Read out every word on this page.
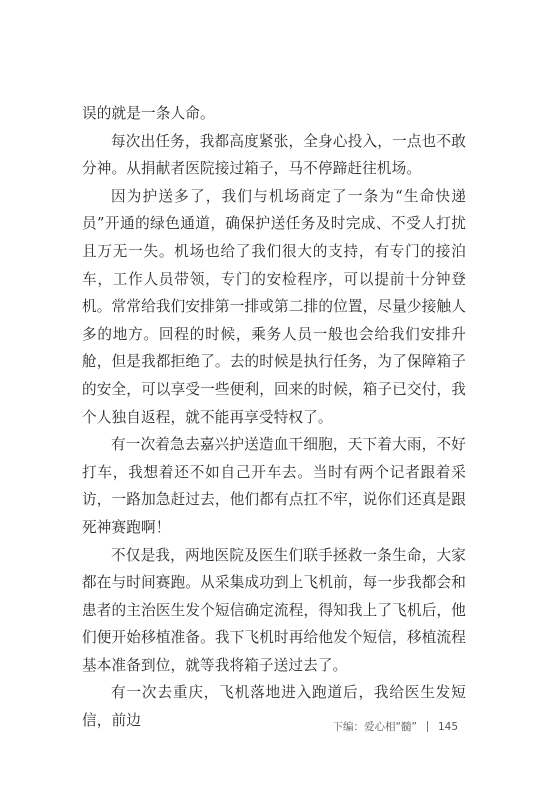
误的就是一条人命。

每次出任务，我都高度紧张，全身心投入，一点也不敢分神。从捐献者医院接过箱子，马不停蹄赶往机场。

因为护送多了，我们与机场商定了一条为“生命快递员”开通的绿色通道，确保护送任务及时完成、不受人打扰且万无一失。机场也给了我们很大的支持，有专门的接泊车，工作人员带领，专门的安检程序，可以提前十分钟登机。常常给我们安排第一排或第二排的位置，尽量少接触人多的地方。回程的时候，乘务人员一般也会给我们安排升舱，但是我都拒绝了。去的时候是执行任务，为了保障箱子的安全，可以享受一些便利，回来的时候，箱子已交付，我个人独自返程，就不能再享受特权了。

有一次着急去嘉兴护送造血干细胞，天下着大雨，不好打车，我想着还不如自己开车去。当时有两个记者跟着采访，一路加急赶过去，他们都有点扛不牢，说你们还真是跟死神赛跑啊！

不仅是我，两地医院及医生们联手拯救一条生命，大家都在与时间赛跑。从采集成功到上飞机前，每一步我都会和患者的主治医生发个短信确定流程，得知我上了飞机后，他们便开始移植准备。我下飞机时再给他发个短信，移植流程基本准备到位，就等我将箱子送过去了。

有一次去重庆，飞机落地进入跑道后，我给医生发短信，前边	下编：爱心相“髓” 145
